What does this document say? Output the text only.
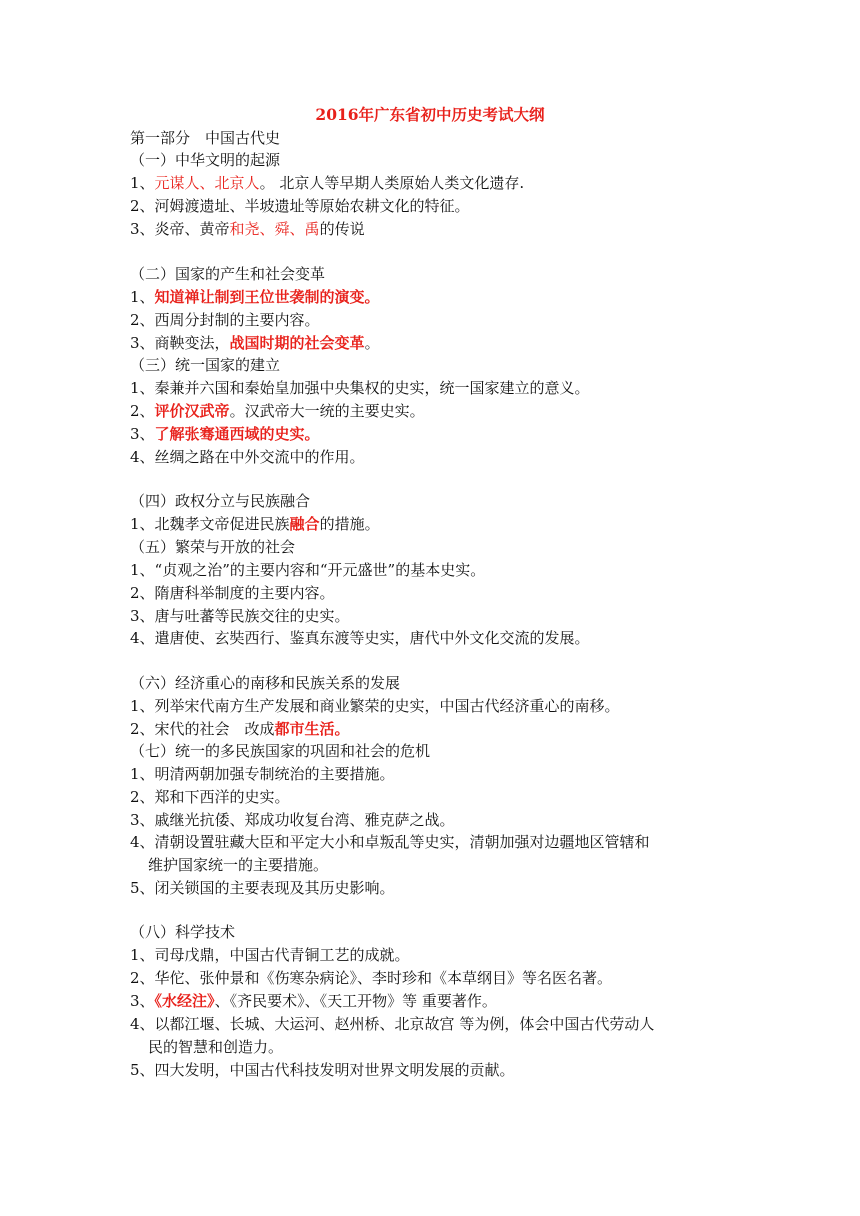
2016年广东省初中历史考试大纲
第一部分　中国古代史
（一）中华文明的起源
1、元谋人、北京人。 北京人等早期人类原始人类文化遗存.
2、河姆渡遗址、半坡遗址等原始农耕文化的特征。
3、炎帝、黄帝和尧、舜、禹的传说
（二）国家的产生和社会变革
1、知道禅让制到王位世袭制的演变。
2、西周分封制的主要内容。
3、商鞅变法，战国时期的社会变革。
（三）统一国家的建立
1、秦兼并六国和秦始皇加强中央集权的史实，统一国家建立的意义。
2、评价汉武帝。汉武帝大一统的主要史实。
3、了解张骞通西域的史实。
4、丝绸之路在中外交流中的作用。
（四）政权分立与民族融合
1、北魏孝文帝促进民族融合的措施。
（五）繁荣与开放的社会
1、“贞观之治”的主要内容和“开元盛世”的基本史实。
2、隋唐科举制度的主要内容。
3、唐与吐蕃等民族交往的史实。
4、遣唐使、玄奘西行、鉴真东渡等史实，唐代中外文化交流的发展。
（六）经济重心的南移和民族关系的发展
1、列举宋代南方生产发展和商业繁荣的史实，中国古代经济重心的南移。
2、宋代的社会　改成都市生活。
（七）统一的多民族国家的巩固和社会的危机
1、明清两朝加强专制统治的主要措施。
2、郑和下西洋的史实。
3、戚继光抗倭、郑成功收复台湾、雅克萨之战。
4、清朝设置驻藏大臣和平定大小和卓叛乱等史实，清朝加强对边疆地区管辖和
维护国家统一的主要措施。
5、闭关锁国的主要表现及其历史影响。
（八）科学技术
1、司母戊鼎，中国古代青铜工艺的成就。
2、华佗、张仲景和《伤寒杂病论》、李时珍和《本草纲目》等名医名著。
3、《水经注》、《齐民要术》、《天工开物》等 重要著作。
4、以都江堰、长城、大运河、赵州桥、北京故宫 等为例，体会中国古代劳动人
民的智慧和创造力。
5、四大发明，中国古代科技发明对世界文明发展的贡献。
